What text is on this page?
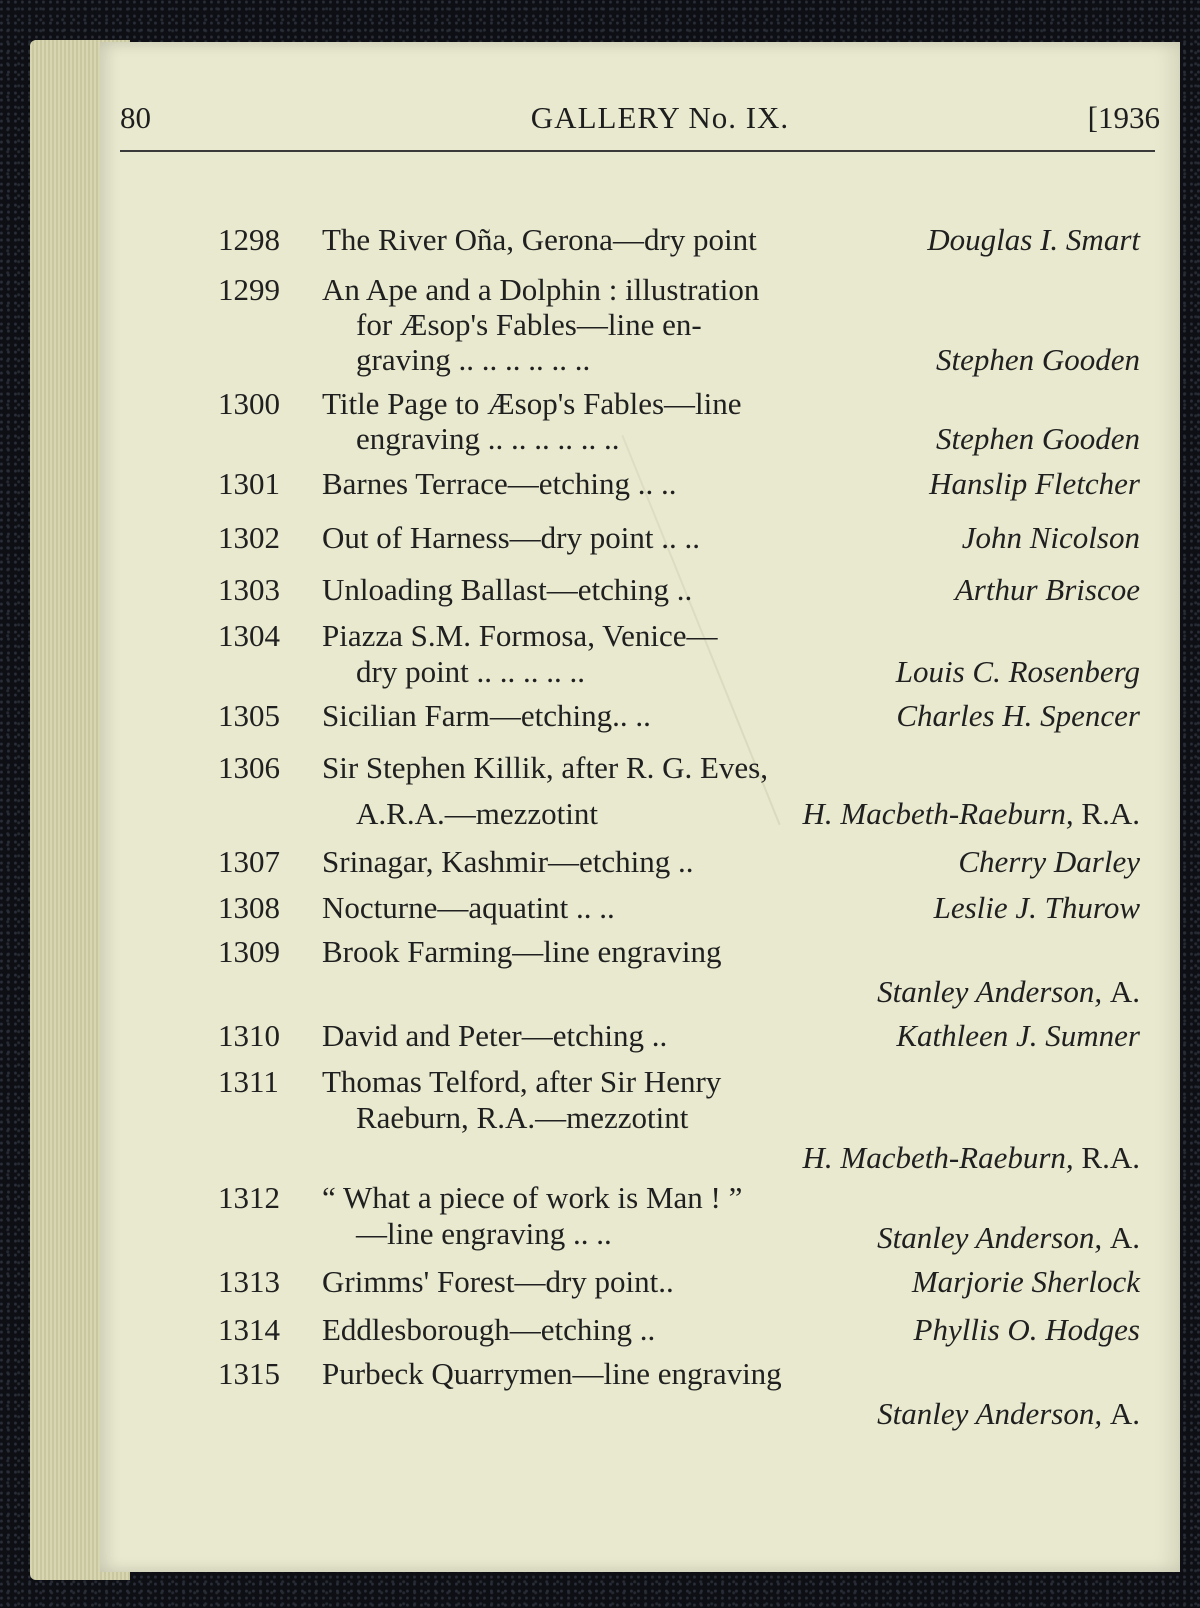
80	GALLERY No. IX.	[1936
1298 The River Oña, Gerona—dry point	Douglas I. Smart
1299 An Ape and a Dolphin : illustration
for Æsop's Fables—line en-
graving .. .. .. .. .. ..	Stephen Gooden
1300 Title Page to Æsop's Fables—line
engraving .. .. .. .. .. ..	Stephen Gooden
1301 Barnes Terrace—etching .. ..	Hanslip Fletcher
1302 Out of Harness—dry point .. ..	John Nicolson
1303 Unloading Ballast—etching ..	Arthur Briscoe
1304 Piazza S.M. Formosa, Venice—
dry point .. .. .. .. ..	Louis C. Rosenberg
1305 Sicilian Farm—etching.. ..	Charles H. Spencer
1306 Sir Stephen Killik, after R. G. Eves,
A.R.A.—mezzotint	H. Macbeth-Raeburn, R.A.
1307 Srinagar, Kashmir—etching ..	Cherry Darley
1308 Nocturne—aquatint .. ..	Leslie J. Thurow
1309 Brook Farming—line engraving
Stanley Anderson, A.
1310 David and Peter—etching ..	Kathleen J. Sumner
1311 Thomas Telford, after Sir Henry
Raeburn, R.A.—mezzotint
H. Macbeth-Raeburn, R.A.
1312 “ What a piece of work is Man ! ”
—line engraving .. ..	Stanley Anderson, A.
1313 Grimms' Forest—dry point..	Marjorie Sherlock
1314 Eddlesborough—etching ..	Phyllis O. Hodges
1315 Purbeck Quarrymen—line engraving
Stanley Anderson, A.
